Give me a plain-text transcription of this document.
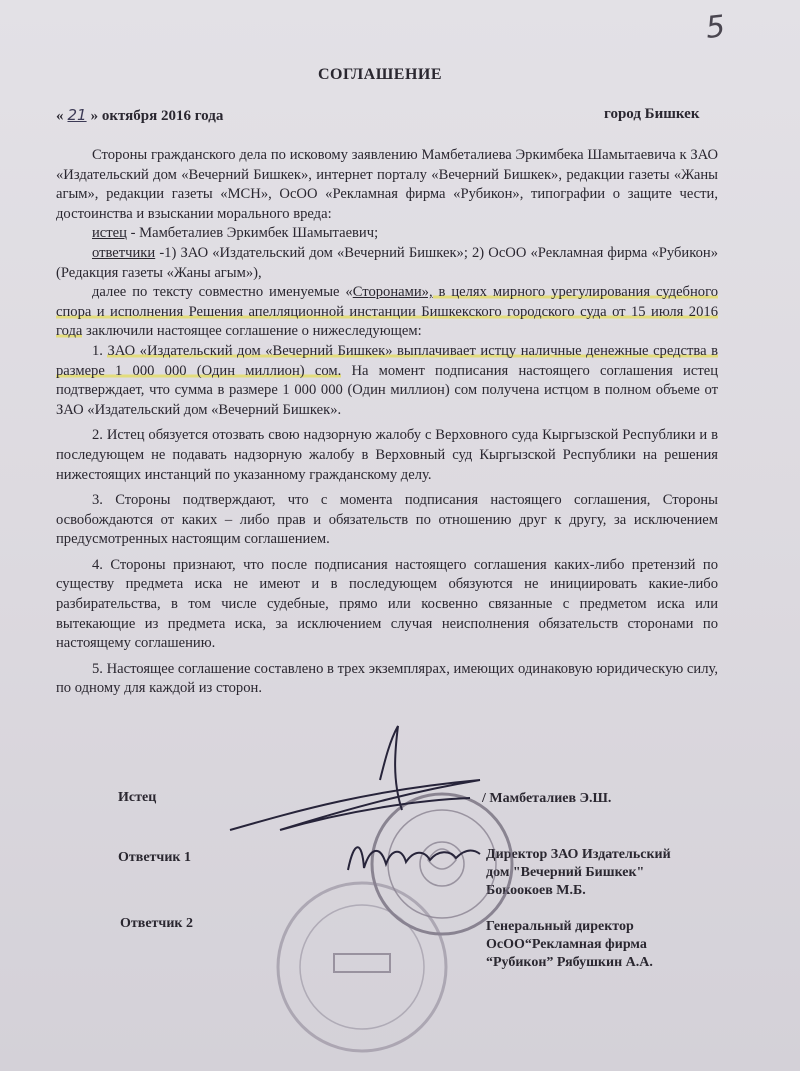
5
СОГЛАШЕНИЕ
« 21 » октября 2016 года	город Бишкек

Стороны гражданского дела по исковому заявлению Мамбеталиева Эркимбека Шамытаевича к ЗАО «Издательский дом «Вечерний Бишкек», интернет порталу «Вечерний Бишкек», редакции газеты «Жаны агым», редакции газеты «МСН», ОсОО «Рекламная фирма «Рубикон», типографии о защите чести, достоинства и взыскании морального вреда:

истец - Мамбеталиев Эркимбек Шамытаевич;

ответчики -1) ЗАО «Издательский дом «Вечерний Бишкек»; 2) ОсОО «Рекламная фирма «Рубикон» (Редакция газеты «Жаны агым»),

далее по тексту совместно именуемые «Сторонами», в целях мирного урегулирования судебного спора и исполнения Решения апелляционной инстанции Бишкекского городского суда от 15 июля 2016 года заключили настоящее соглашение о нижеследующем:

1. ЗАО «Издательский дом «Вечерний Бишкек» выплачивает истцу наличные денежные средства в размере 1 000 000 (Один миллион) сом. На момент подписания настоящего соглашения истец подтверждает, что сумма в размере 1 000 000 (Один миллион) сом получена истцом в полном объеме от ЗАО «Издательский дом «Вечерний Бишкек».

2. Истец обязуется отозвать свою надзорную жалобу с Верховного суда Кыргызской Республики и в последующем не подавать надзорную жалобу в Верховный суд Кыргызской Республики на решения нижестоящих инстанций по указанному гражданскому делу.

3. Стороны подтверждают, что с момента подписания настоящего соглашения, Стороны освобождаются от каких – либо прав и обязательств по отношению друг к другу, за исключением предусмотренных настоящим соглашением.

4. Стороны признают, что после подписания настоящего соглашения каких-либо претензий по существу предмета иска не имеют и в последующем обязуются не инициировать какие-либо разбирательства, в том числе судебные, прямо или косвенно связанные с предметом иска или вытекающие из предмета иска, за исключением случая неисполнения обязательств сторонами по настоящему соглашению.

5. Настоящее соглашение составлено в трех экземплярах, имеющих одинаковую юридическую силу, по одному для каждой из сторон.

Истец	/ Мамбеталиев Э.Ш.
Ответчик 1	Директор ЗАО Издательский
дом "Вечерний Бишкек"
Бокоокоев М.Б.
Ответчик 2	Генеральный директор
ОсОО“Рекламная фирма
“Рубикон” Рябушкин А.А.
